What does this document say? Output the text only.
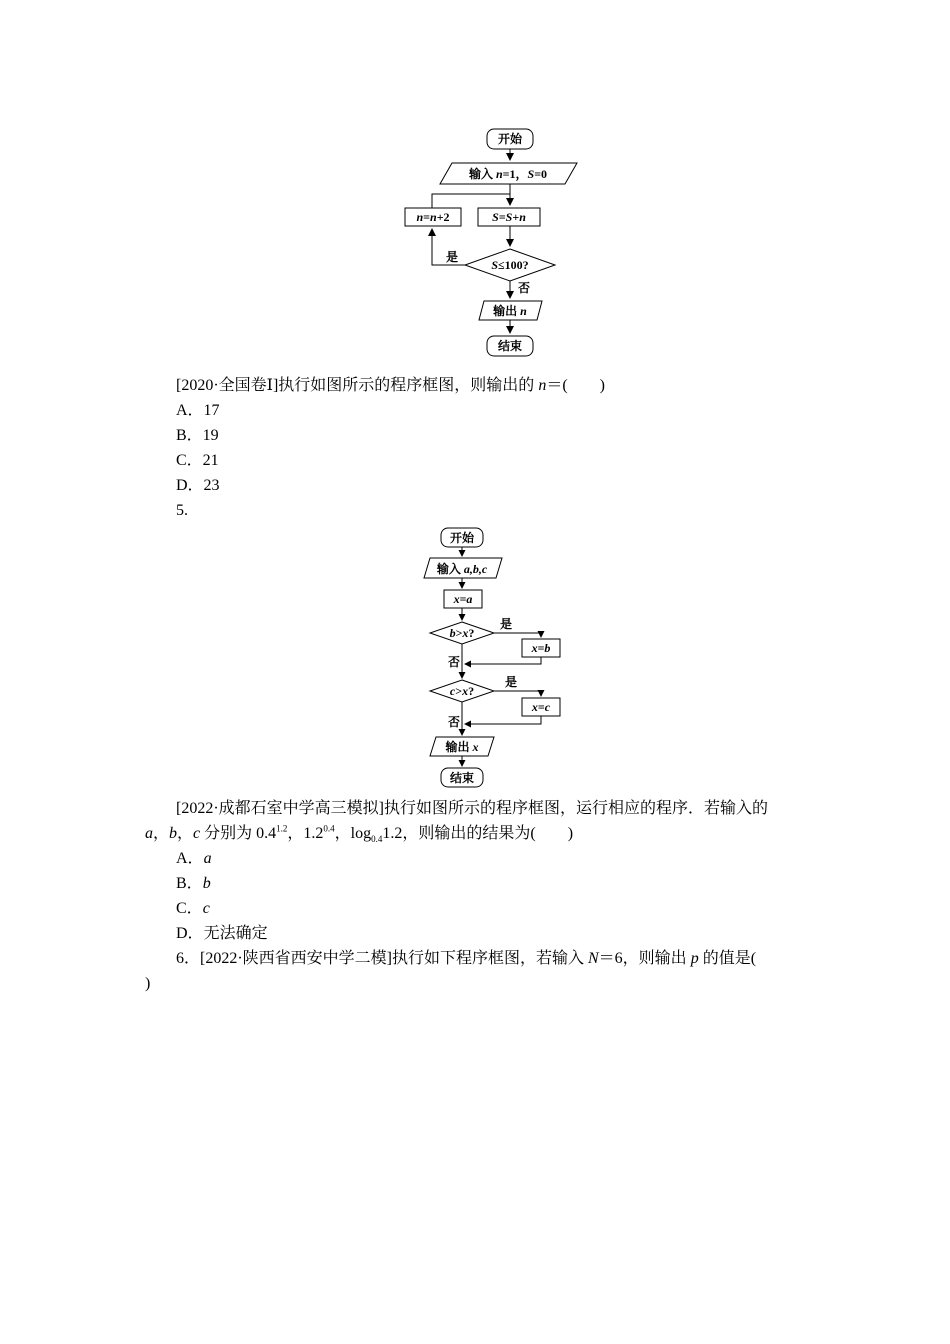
开始
输入 n=1，S=0
n=n+2	S=S+n
S≤100?
是
否
输出 n
结束
[2020·全国卷Ⅰ]执行如图所示的程序框图，则输出的 n＝(　　)
A．17
B．19
C．21
D．23
5.
开始
输入 a,b,c
x=a
b>x?
x=b
c>x?
x=c
是
否
是
否
输出 x
结束
[2022·成都石室中学高三模拟]执行如图所示的程序框图，运行相应的程序．若输入的
a，b，c 分别为 $0.4^{1.2}$，$1.2^{0.4}$，$\log_{0.4}1.2$，则输出的结果为(　　)
A．a
B．b
C．c
D．无法确定
6．[2022·陕西省西安中学二模]执行如下程序框图，若输入 N＝6，则输出 p 的值是(
)
